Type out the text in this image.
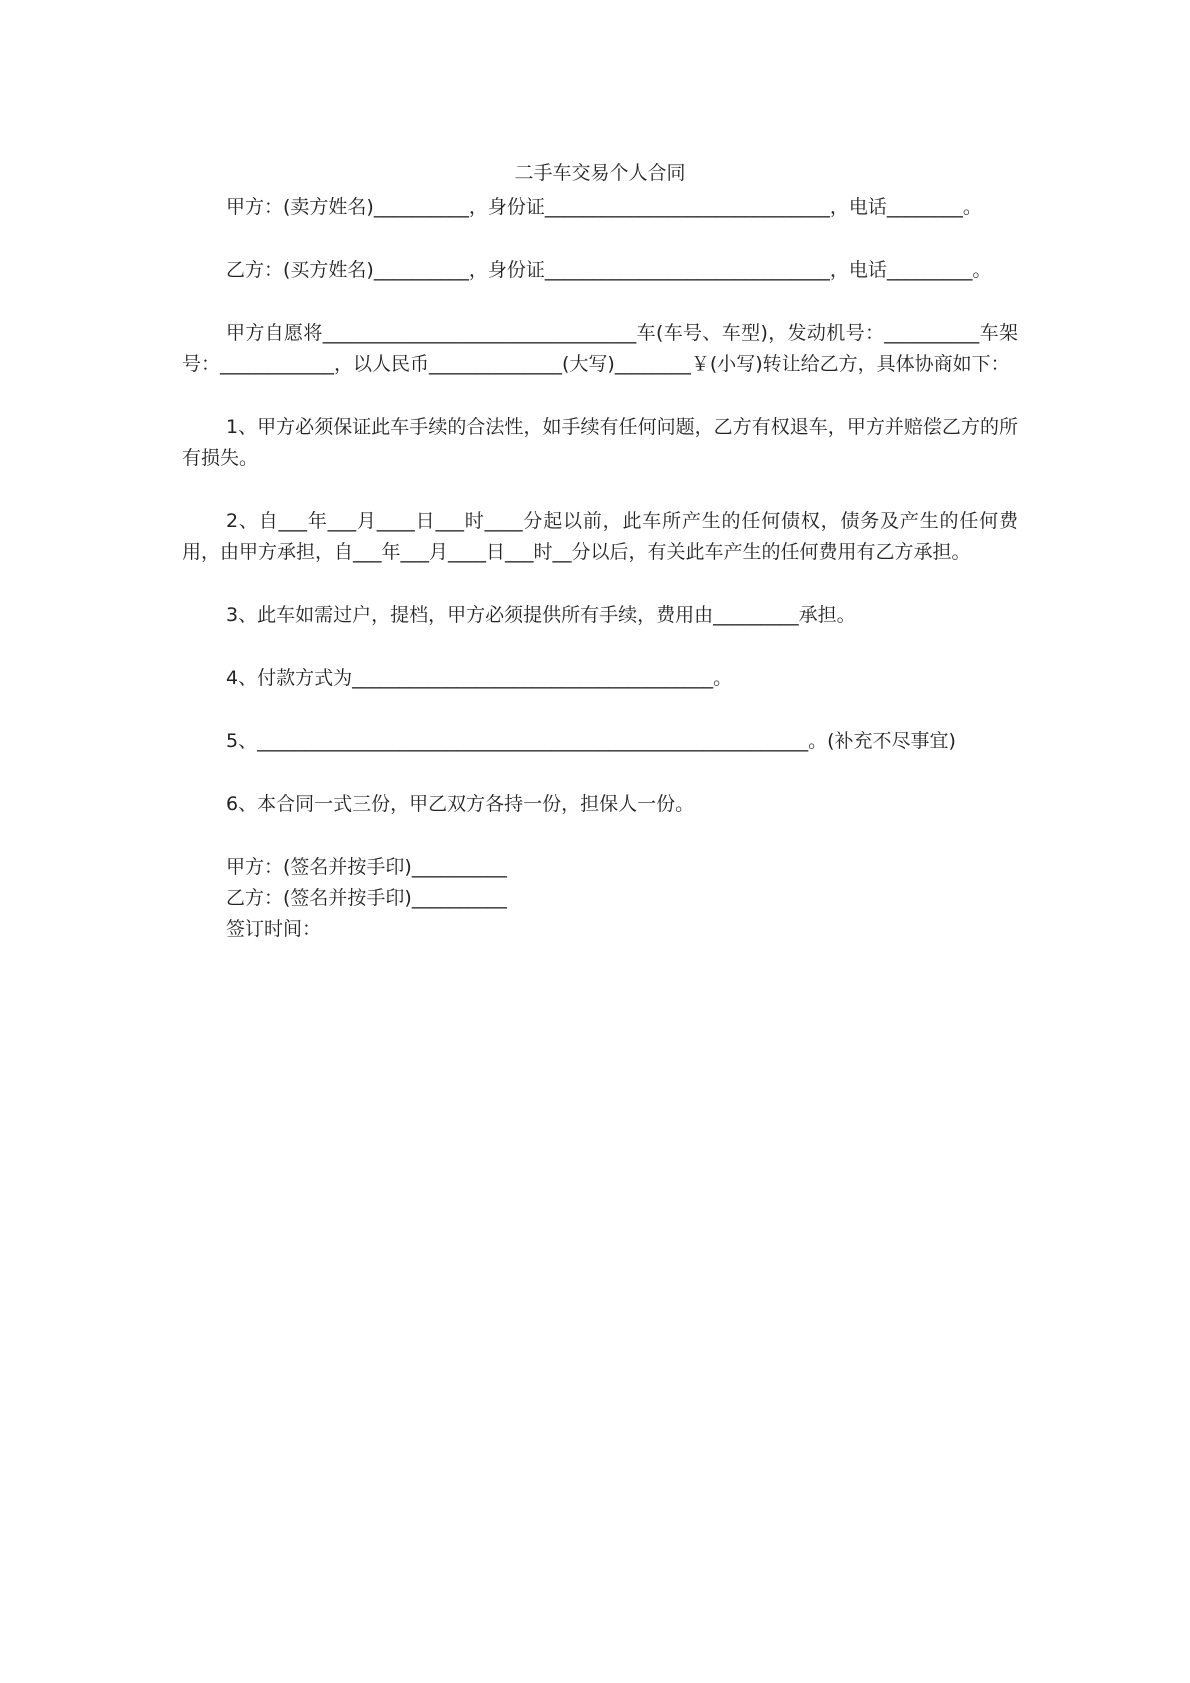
二手车交易个人合同

甲方：(卖方姓名)__________，身份证______________________________，电话________。

乙方：(买方姓名)__________，身份证______________________________，电话_________。

甲方自愿将_________________________________车(车号、车型)，发动机号：__________车架号：____________，以人民币______________(大写)________￥(小写)转让给乙方，具体协商如下：

1、甲方必须保证此车手续的合法性，如手续有任何问题，乙方有权退车，甲方并赔偿乙方的所有损失。

2、自___年___月____日___时____分起以前，此车所产生的任何债权，债务及产生的任何费用，由甲方承担，自___年___月____日___时__分以后，有关此车产生的任何费用有乙方承担。

3、此车如需过户，提档，甲方必须提供所有手续，费用由_________承担。

4、付款方式为______________________________________。

5、__________________________________________________________。(补充不尽事宜)

6、本合同一式三份，甲乙双方各持一份，担保人一份。

甲方：(签名并按手印)__________

乙方：(签名并按手印)__________

签订时间：
